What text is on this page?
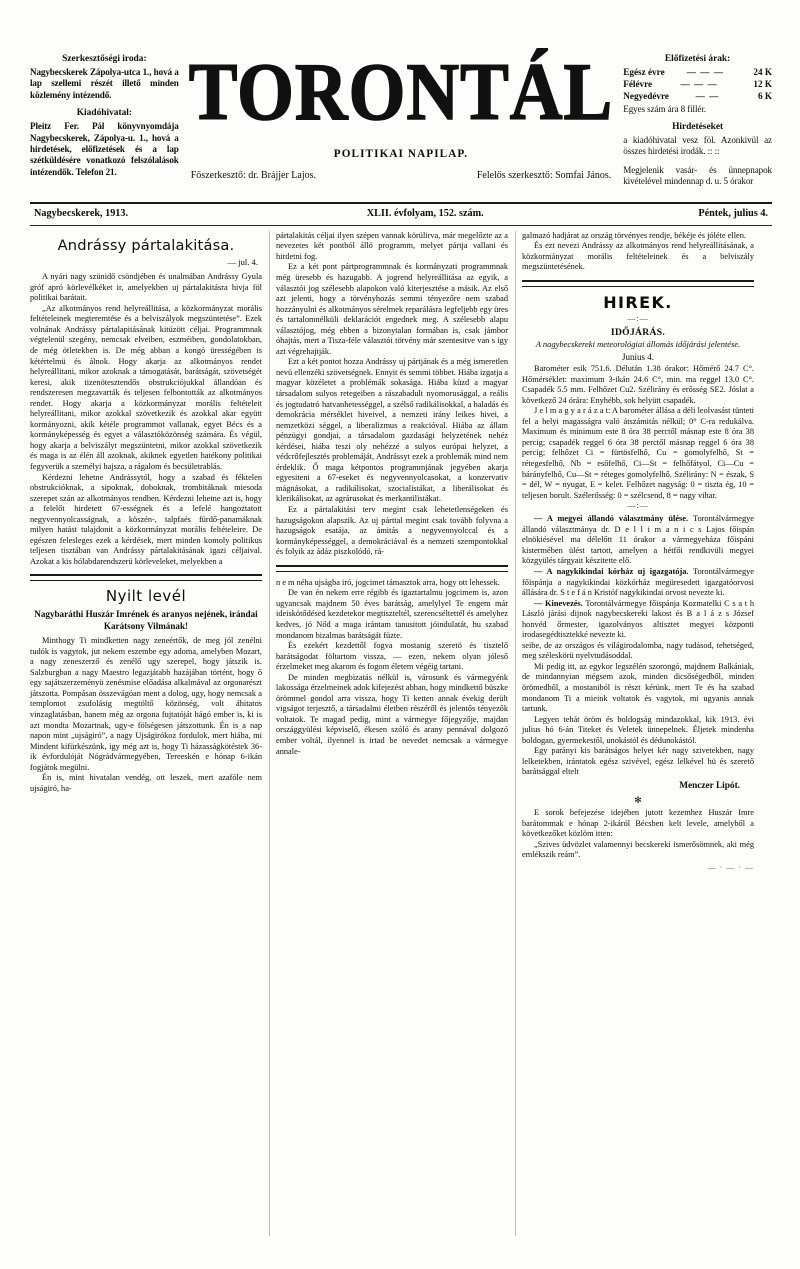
Szerkesztőségi iroda:

Nagybecskerek Zápolya-utca 1., hová a lap szellemi részét illető minden közlemény intézendő.

Kiadóhivatal:

Pleitz Fer. Pál könyvnyomdája Nagybecskerek, Zápolya-u. 1., hová a hirdetések, előfizetések és a lap szétküldésére vonatkozó felszólalások intézendők. Telefon 21.

TORONTÁL
POLITIKAI NAPILAP.
Főszerkesztő: dr. Brájjer Lajos.	Felelős szerkesztő: Somfai János.
Előfizetési árak:
Egész évre	— — —	24 K
Félévre	— — —	12 K
Negyedévre	— —	6 K

Egyes szám ára 8 fillér.

Hirdetéseket

a kiadóhivatal vesz föl. Azonkivül az összes hirdetési irodák. :: ::

Megjelenik vasár- és ünnepnapok kivételével mindennap d. u. 5 órakor

Nagybecskerek, 1913.	XLII. évfolyam, 152. szám.	Péntek, julius 4.
Andrássy pártalakitása.
— jul. 4.

A nyári nagy szünidő csöndjében és unalmában Andrássy Gyula gróf apró körlevélkéket ir, amelyekben uj pártalakitásra hivja föl politikai barátait.

„Az alkotmányos rend helyreállitása, a közkormányzat morális feltételeinek megteremtése és a belviszályok megszüntetése”. Ezek volnának Andrássy pártalapitásának kitüzött céljai. Programmnak végtelenül szegény, nemcsak elveiben, eszméiben, gondolatokban, de még ötletekben is. De még abban a kongó ürességében is kétértelmü és álnok. Hogy akarja az alkotmányos rendet helyreállitani, mikor azoknak a támogatását, barátságát, szövetségét keresi, akik tizenötesztendős obstrukciójukkal állandóan és rendszeresen megzavarták és teljesen felbontották az alkotmányos rendet. Hogy akarja a közkormányzat morális feltételeit helyreállitani, mikor azokkal szövetkezik és azokkal akar együtt kormányozni, akik kétéle programmot vallanak, egyet Bécs és a kormányképesség és egyet a választóközönség számára. És végül, hogy akarja a belviszályt megszüntetni, mikor azokkal szövetkezik és maga is az élén áll azoknak, akiknek egyetlen hatékony politikai fegyverük a személyi hajsza, a rágalom és becsületrablás.

Kérdezni lehetne Andrássytól, hogy a szabad és féktelen obstrukcióknak, a sipoknak, doboknak, trombitáknak miesoda szerepet szán az alkotmányos rendben. Kérdezni lehetne azt is, hogy a felelőt hirdetett 67-ességnek és a lefelé hangoztatott negyvennyolcasságnak, a köszén-, talpfaés fürdő-panamáknak milyen hatást tulajdonit a közkormányzat morális feltételeire. De egészen felesleges ezek a kérdések, mert minden komoly politikus teljesen tisztában van Andrássy pártalakitásának igazi céljaival. Azokat a kis hólabdarendszerü körleveleket, melyekben a

Nyilt levél
Nagybaráthi Huszár Imrének és aranyos nejének, irándai Karátsony Vilmának!

Minthogy Ti mindketten nagy zeneértők, de meg jól zenélni tudók is vagytok, jut nekem eszembe egy adoma, amelyben Mozart, a nagy zeneszerző és zenélő ugy szerepel, hogy játszik is. Salzburgban a nagy Maestro legazjátabb hazájában történt, hogy ő egy sajátszerzeményü zenésmise előadása alkalmával az orgonarészt játszotta. Pompásan összevágóan ment a dolog, ugy, hogy nemcsak a templomot zsufolásig megtöltő közönség, volt áhitatos vinzaglatásban, hanem még az orgona fujtatóját hágó ember is, ki is azt mondta Mozartnak, ugy-e fölségesen játszottunk. Én is a nap napon mint „ujságiró”, a nagy Ujságirókoz fordulok, mert hiába, mi Mindent kifürkészünk, igy még azt is, hogy Ti házasságkötéstek 36-ik évfordulóját Nógrádvármegyében, Tereeskén e hónap 6-ikán fogjátok megülni.

Én is, mint hivatalan vendég, ott leszek, mert azafóle nem ujságiró, ha-

pártalakitás céljai ilyen szépen vannak körülirva, már megelőzte az a nevezetes két pontból álló programm, melyet pártja vallani és hirdetni fog.

Ez a két pont pártprogrammnak és kormányzati programmnak még üresebb és hazugabb. A jogrend helyreállitása az egyik, a választói jog szélesebb alapokon való kiterjesztése a másik. Az első azt jelenti, hogy a törvényhozás semmi tényezőre nem szabad hozzányulni és alkotmányos sérelmek reparálásra legfeljebb egy üres és tartalomnélküli deklarációt engednek meg. A szélesebb alapu választójog, még ebben a bizonytalan formában is, csak jámbor óhajtás, mert a Tisza-féle választói törvény már szentesitve van s igy azt végrehajtják.

Ezt a két pontot hozza Andrássy uj pártjának és a még ismeretlen nevü ellenzéki szövetségnek. Ennyit és semmi többet. Hiába izgatja a magyar közéletet a problémák sokasága. Hiába küzd a magyar társadalom sulyos retegeiben a rászabadult nyomorusággal, a reális és jogtudatró hatvanhetességgel, a szélső radikálisokkal, a haladás és demokrácia mérséklet hiveivel, a nemzeti irány leikes hivei, a nemzetközi séggel, a liberalizmus a reakcióval. Hiába az állam pénzügyi gondjai, a társadalom gazdasági helyzetének nehéz kérdései, hiába teszi oly nehézzé a sulyos európai helyzet, a védcrőfejlesztés problemáját, Andrássyt ezek a problemák mind nem érdeklik. Ő maga kétpontos programmjának jegyében akarja egyesiteni a 67-eseket és negyvennyolcasokat, a konzervativ mágnásokat, a radikálisokat, szocialistákat, a liberálisokat és klerikálisokat, az agrárusokat és merkantilistákat.

Ez a pártalakitási terv megint csak lehetetlenségeken és hazugságokon alapszik. Az uj párttal megint csak tovább folyvna a hazugságok esatája, az ámitás a negyvennyolccal és a kormányképességgel, a demokráciával és a nemzeti szempontokkal és folyik az ádáz piszkolódó, rá-

n e m néha ujságba iró, jogcimet támasztok arra, hogy ott lehessek.

De van én nekem erre régibb és igaztartalmu jogcimem is, azon ugyancsak majdnem 50 éves barátság, amelylyel Te engem már ideiskötődésed kezdetekor megtiszteltél, szerencséltettél és amelyhez kedves, jó Nőd a maga irántam tanusitott jóindulatát, hu szabad mondanom bizalmas barátságát füzte.

És ezekért kezdettől fogva mostanig szeretö és tisztelő barátságodat föltartom vissza, — ezen, nekem olyan jóleső érzelmeket meg akarom és fogom életem végéig tartani.

De minden megbizatás nélkül is, városunk és vármegyénk lakossága érzelmeinek adok kifejezést abban, hogy mindkettő büszke örömmel gondol arra vissza, hogy Ti ketten annak évekig derült vigságot terjesztő, a társadalmi életben részéről és jelentős tényezők voltatok. Te magad pedig, mint a vármegye főjegyzője, majdan országgyülési képviselő, ékesen szóló és arany pennával dolgozó ember voltál, ilyennel is irtad be nevedet nemcsak a vármegye annale-

galmazó hadjárat az ország törvényes rendje, békéje és jóléte ellen.

És ezt nevezi Andrássy az alkotmányos rend helyreállitásának, a közkormányzat morális feltételeinek és a belviszály megszüntetésének.

HIREK.
—:—
IDŐJÁRÁS.
A nagybecskereki meteorológiai állomás időjárási jelentése.
Junius 4.

Barométer esik 751.6. Délután 1.38 órakor: Hőmérő 24.7 C°. Hőmérséklet: maximum 3-ikán 24.6 C°, min. ma reggel 13.0 C°. Csapadék 5.5 mm. Felhőzet Cu2. Szélirány és erősség SE2. Jóslat a következő 24 órára: Enyhébb, sok helyütt csapadék.

J e l m a g y a r á z a t: A barométer állása a déli leolvasást tünteti fel a helyi magasságra való átszámitás nélkül; 0° C-ra redukálva. Maximum és minimum este 8 óra 38 perctől másnap este 8 óra 38 percig; csapadék reggel 6 óra 38 perctől másnap reggel 6 óra 38 percig; felhőzet Ci = fürtösfelhő, Cu = gomolyfelhő, St = rétegesfelhő, Nb = esőfelhő, Ci—St = felhőfátyol, Ci—Cu = bárányfelhő, Cu—St = réteges gomolyfelhő. Szélirány: N = észak, S = dél, W = nyugat, E = kelet. Felhőzet nagyság: 0 = tiszta ég, 10 = teljesen borult. Szélerősség: 0 = szélcsend, 8 = nagy vihar.

—:—

— A megyei állandó választmány ülése. Torontálvármegye állandó választmánya dr. D e l l i m a n i c s Lajos főispán elnökiésével ma délelőtt 11 órakor a vármegyeháza főispáni kistermében ülést tartott, amelyen a hétfői rendkivüli megyei közgyülés tárgyait készitette elő.

— A nagykikindai kórház uj igazgatója. Torontálvármegye főispánja a nagykikindai közkórház megüresedett igazgatóorvosi állására dr. S t e f á n Kristóf nagykikindai orvost nevezte ki.

— Kinevezés. Torontálvármegye főispánja Kozmatelki C s a t h László járási dijnok nagybecskereki lakost és B a l á z s József honvéd őrmester, igazolványos altisztet megyei központi irodasegédtisztekké nevezte ki.

seibe, de az országos és világirodalomba, nagy tudásod, tehetséged, meg széleskörü nyelvtudásoddal.

Mi pedig itt, az egykor legszélén szorongó, majdnem Balkániak, de mindannyian mégsem azok, minden dicsőségedből, minden örömedből, a mostaniból is részt kérünk, mert Te és ha szabad mondanom Ti a mieink voltatok és vagytok, mi ugyanis annak tartunk.

Legyen tehát öröm és boldogság mindazokkal, kik 1913. évi julius hó 6-án Titeket és Veletek ünnepelnek. Éljetek mindenha boldogan, gyermekestől, unokástól és dédunokástól.

Egy parányi kis barátságos helyet kér nagy szivetekben, nagy lelketekben, irántatok egész szivével, egész lelkével hü és szerető barátsággal eltelt

Menczer Lipót.
✻

E sorok befejezése idejében jutott kezemhez Huszár Imre barátommak e hónap 2-ikáról Bécsben kelt levele, amelyből a következőket közlöm itten:

„Szives üdvözlet valamennyi becskereki ismerősömnek, aki még emlékszik reám”.

— · — · —
